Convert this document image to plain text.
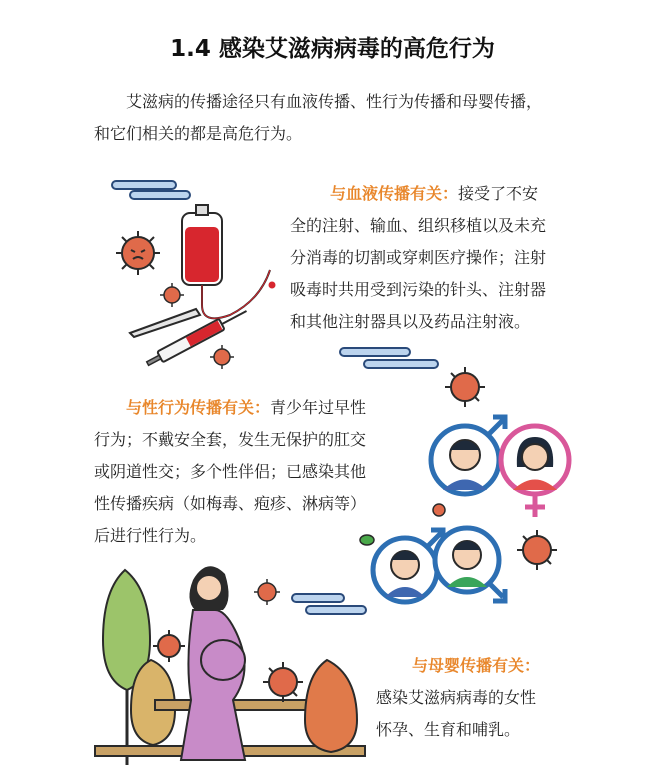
1.4 感染艾滋病病毒的高危行为
艾滋病的传播途径只有血液传播、性行为传播和母婴传播，
和它们相关的都是高危行为。
与血液传播有关：接受了不安
全的注射、输血、组织移植以及未充
分消毒的切割或穿刺医疗操作；注射
吸毒时共用受到污染的针头、注射器
和其他注射器具以及药品注射液。
与性行为传播有关：青少年过早性
行为；不戴安全套，发生无保护的肛交
或阴道性交；多个性伴侣；已感染其他
性传播疾病（如梅毒、疱疹、淋病等）
后进行性行为。
与母婴传播有关：
感染艾滋病病毒的女性
怀孕、生育和哺乳。
